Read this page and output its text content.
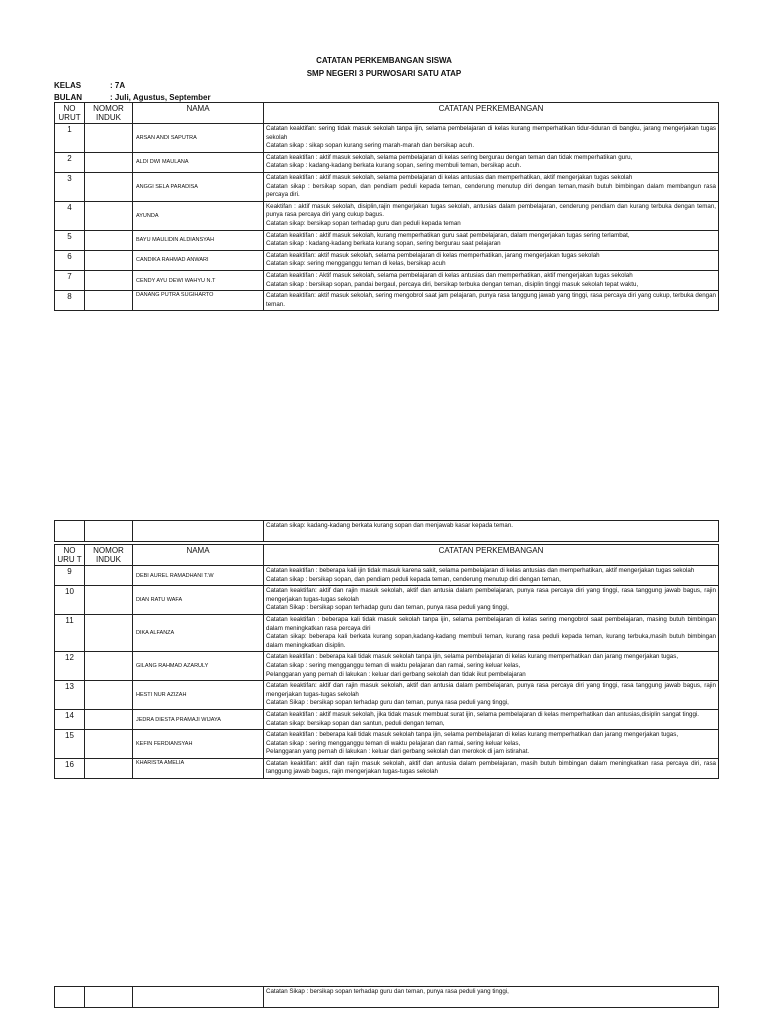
CATATAN PERKEMBANGAN SISWA
SMP NEGERI 3 PURWOSARI SATU ATAP
KELAS	: 7A
BULAN	: Juli, Agustus, September
NO URUT	NOMOR INDUK	NAMA	CATATAN PERKEMBANGAN
1		ARSAN ANDI SAPUTRA	Catatan keaktifan: sering tidak masuk sekolah tanpa ijin, selama pembelajaran di kelas kurang memperhatikan tidur-tiduran di bangku, jarang mengerjakan tugas sekolah
Catatan sikap : sikap sopan kurang sering marah-marah dan bersikap acuh.

2		ALDI DWI MAULANA	Catatan keaktifan : aktif masuk sekolah, selama pembelajaran di kelas sering bergurau dengan teman dan tidak memperhatikan guru,
Catatan sikap : kadang-kadang berkata kurang sopan, sering membuli teman, bersikap acuh.

3		ANGGI SELA PARADISA	Catatan keaktifan : aktif masuk sekolah, selama pembelajaran di kelas antusias dan memperhatikan, aktif mengerjakan tugas sekolah
Catatan sikap : bersikap sopan, dan pendiam peduli kepada teman, cenderung menutup diri dengan teman,masih butuh bimbingan dalam membangun rasa percaya diri.

4		AYUNDA	Keaktifan : aktif masuk sekolah, disiplin,rajin mengerjakan tugas sekolah, antusias dalam pembelajaran, cenderung pendiam dan kurang terbuka dengan teman, punya rasa percaya diri yang cukup bagus.
Catatan sikap: bersikap sopan terhadap guru dan peduli kepada teman

5		BAYU MAULIDIN ALDIANSYAH	Catatan keaktifan : aktif masuk sekolah, kurang memperhatikan guru saat pembelajaran, dalam mengerjakan tugas sering terlambat,
Catatan sikap : kadang-kadang berkata kurang sopan, sering bergurau saat pelajaran

6		CANDIKA RAHMAD ANWARI	Catatan keaktifan: aktif masuk sekolah, selama pembelajaran di kelas memperhatikan, jarang mengerjakan tugas sekolah
Catatan sikap: sering mengganggu teman di kelas, bersikap acuh

7		CENDY AYU DEWI WAHYU N.T	Catatan keaktifan : Aktif masuk sekolah, selama pembelajaran di kelas antusias dan memperhatikan, aktif mengerjakan tugas sekolah
Catatan sikap : bersikap sopan, pandai bergaul, percaya diri, bersikap terbuka dengan teman, disiplin tinggi masuk sekolah tepat waktu,

8		DANANG PUTRA SUGIHARTO	Catatan keaktifan: aktif masuk sekolah, sering mengobrol saat jam pelajaran, punya rasa tanggung jawab yang tinggi, rasa percaya diri yang cukup, terbuka dengan teman.
			Catatan sikap: kadang-kadang berkata kurang sopan dan menjawab kasar kepada teman.
NO URU T	NOMOR INDUK	NAMA	CATATAN PERKEMBANGAN
9		DEBI AUREL RAMADHANI T.W	Catatan keaktifan : beberapa kali ijin tidak masuk karena sakit, selama pembelajaran di kelas antusias dan memperhatikan, aktif mengerjakan tugas sekolah
Catatan sikap : bersikap sopan, dan pendiam peduli kepada teman, cenderung menutup diri dengan teman,

10		DIAN RATU WAFA	Catatan keaktifan: aktif dan rajin masuk sekolah, aktif dan antusia dalam pembelajaran, punya rasa percaya diri yang tinggi, rasa tanggung jawab bagus, rajin mengerjakan tugas-tugas sekolah
Catatan Sikap : bersikap sopan terhadap guru dan teman, punya rasa peduli yang tinggi,

11		DIKA ALFANZA	Catatan keaktifan : beberapa kali tidak masuk sekolah tanpa ijin, selama pembelajaran di kelas sering mengobrol saat pembelajaran, masing butuh bimbingan dalam meningkatkan rasa percaya diri
Catatan sikap: beberapa kali berkata kurang sopan,kadang-kadang membuli teman, kurang rasa peduli kepada teman, kurang terbuka,masih butuh bimbingan dalam meningkatkan disiplin.

12		GILANG RAHMAD AZARULY	Catatan keaktifan : beberapa kali tidak masuk sekolah tanpa ijin, selama pembelajaran di kelas kurang memperhatikan dan jarang mengerjakan tugas,
Catatan sikap : sering mengganggu teman di waktu pelajaran dan ramai, sering keluar kelas,
Pelanggaran yang pernah di lakukan : keluar dari gerbang sekolah dan tidak ikut pembelajaran

13		HESTI NUR AZIZAH	Catatan keaktifan: aktif dan rajin masuk sekolah, aktif dan antusia dalam pembelajaran, punya rasa percaya diri yang tinggi, rasa tanggung jawab bagus, rajin mengerjakan tugas-tugas sekolah
Catatan Sikap : bersikap sopan terhadap guru dan teman, punya rasa peduli yang tinggi,

14		JEDRA DIESTA PRAMAJI WIJAYA	Catatan keaktifan : aktif masuk sekolah, jika tidak masuk membuat surat ijin, selama pembelajaran di kelas memperhatikan dan antusias,disiplin sangat tinggi.
Catatan sikap: bersikap sopan dan santun, peduli dengan teman,

15		KEFIN FERDIANSYAH	Catatan keaktifan : beberapa kali tidak masuk sekolah tanpa ijin, selama pembelajaran di kelas kurang memperhatikan dan jarang mengerjakan tugas,
Catatan sikap : sering mengganggu teman di waktu pelajaran dan ramai, sering keluar kelas,
Pelanggaran yang pernah di lakukan : keluar dari gerbang sekolah dan merokok di jam istirahat.

16		KHARISTA AMELIA	Catatan keaktifan: aktif dan rajin masuk sekolah, aktif dan antusia dalam pembelajaran, masih butuh bimbingan dalam meningkatkan rasa percaya diri, rasa tanggung jawab bagus, rajin mengerjakan tugas-tugas sekolah
			Catatan Sikap : bersikap sopan terhadap guru dan teman, punya rasa peduli yang tinggi,
